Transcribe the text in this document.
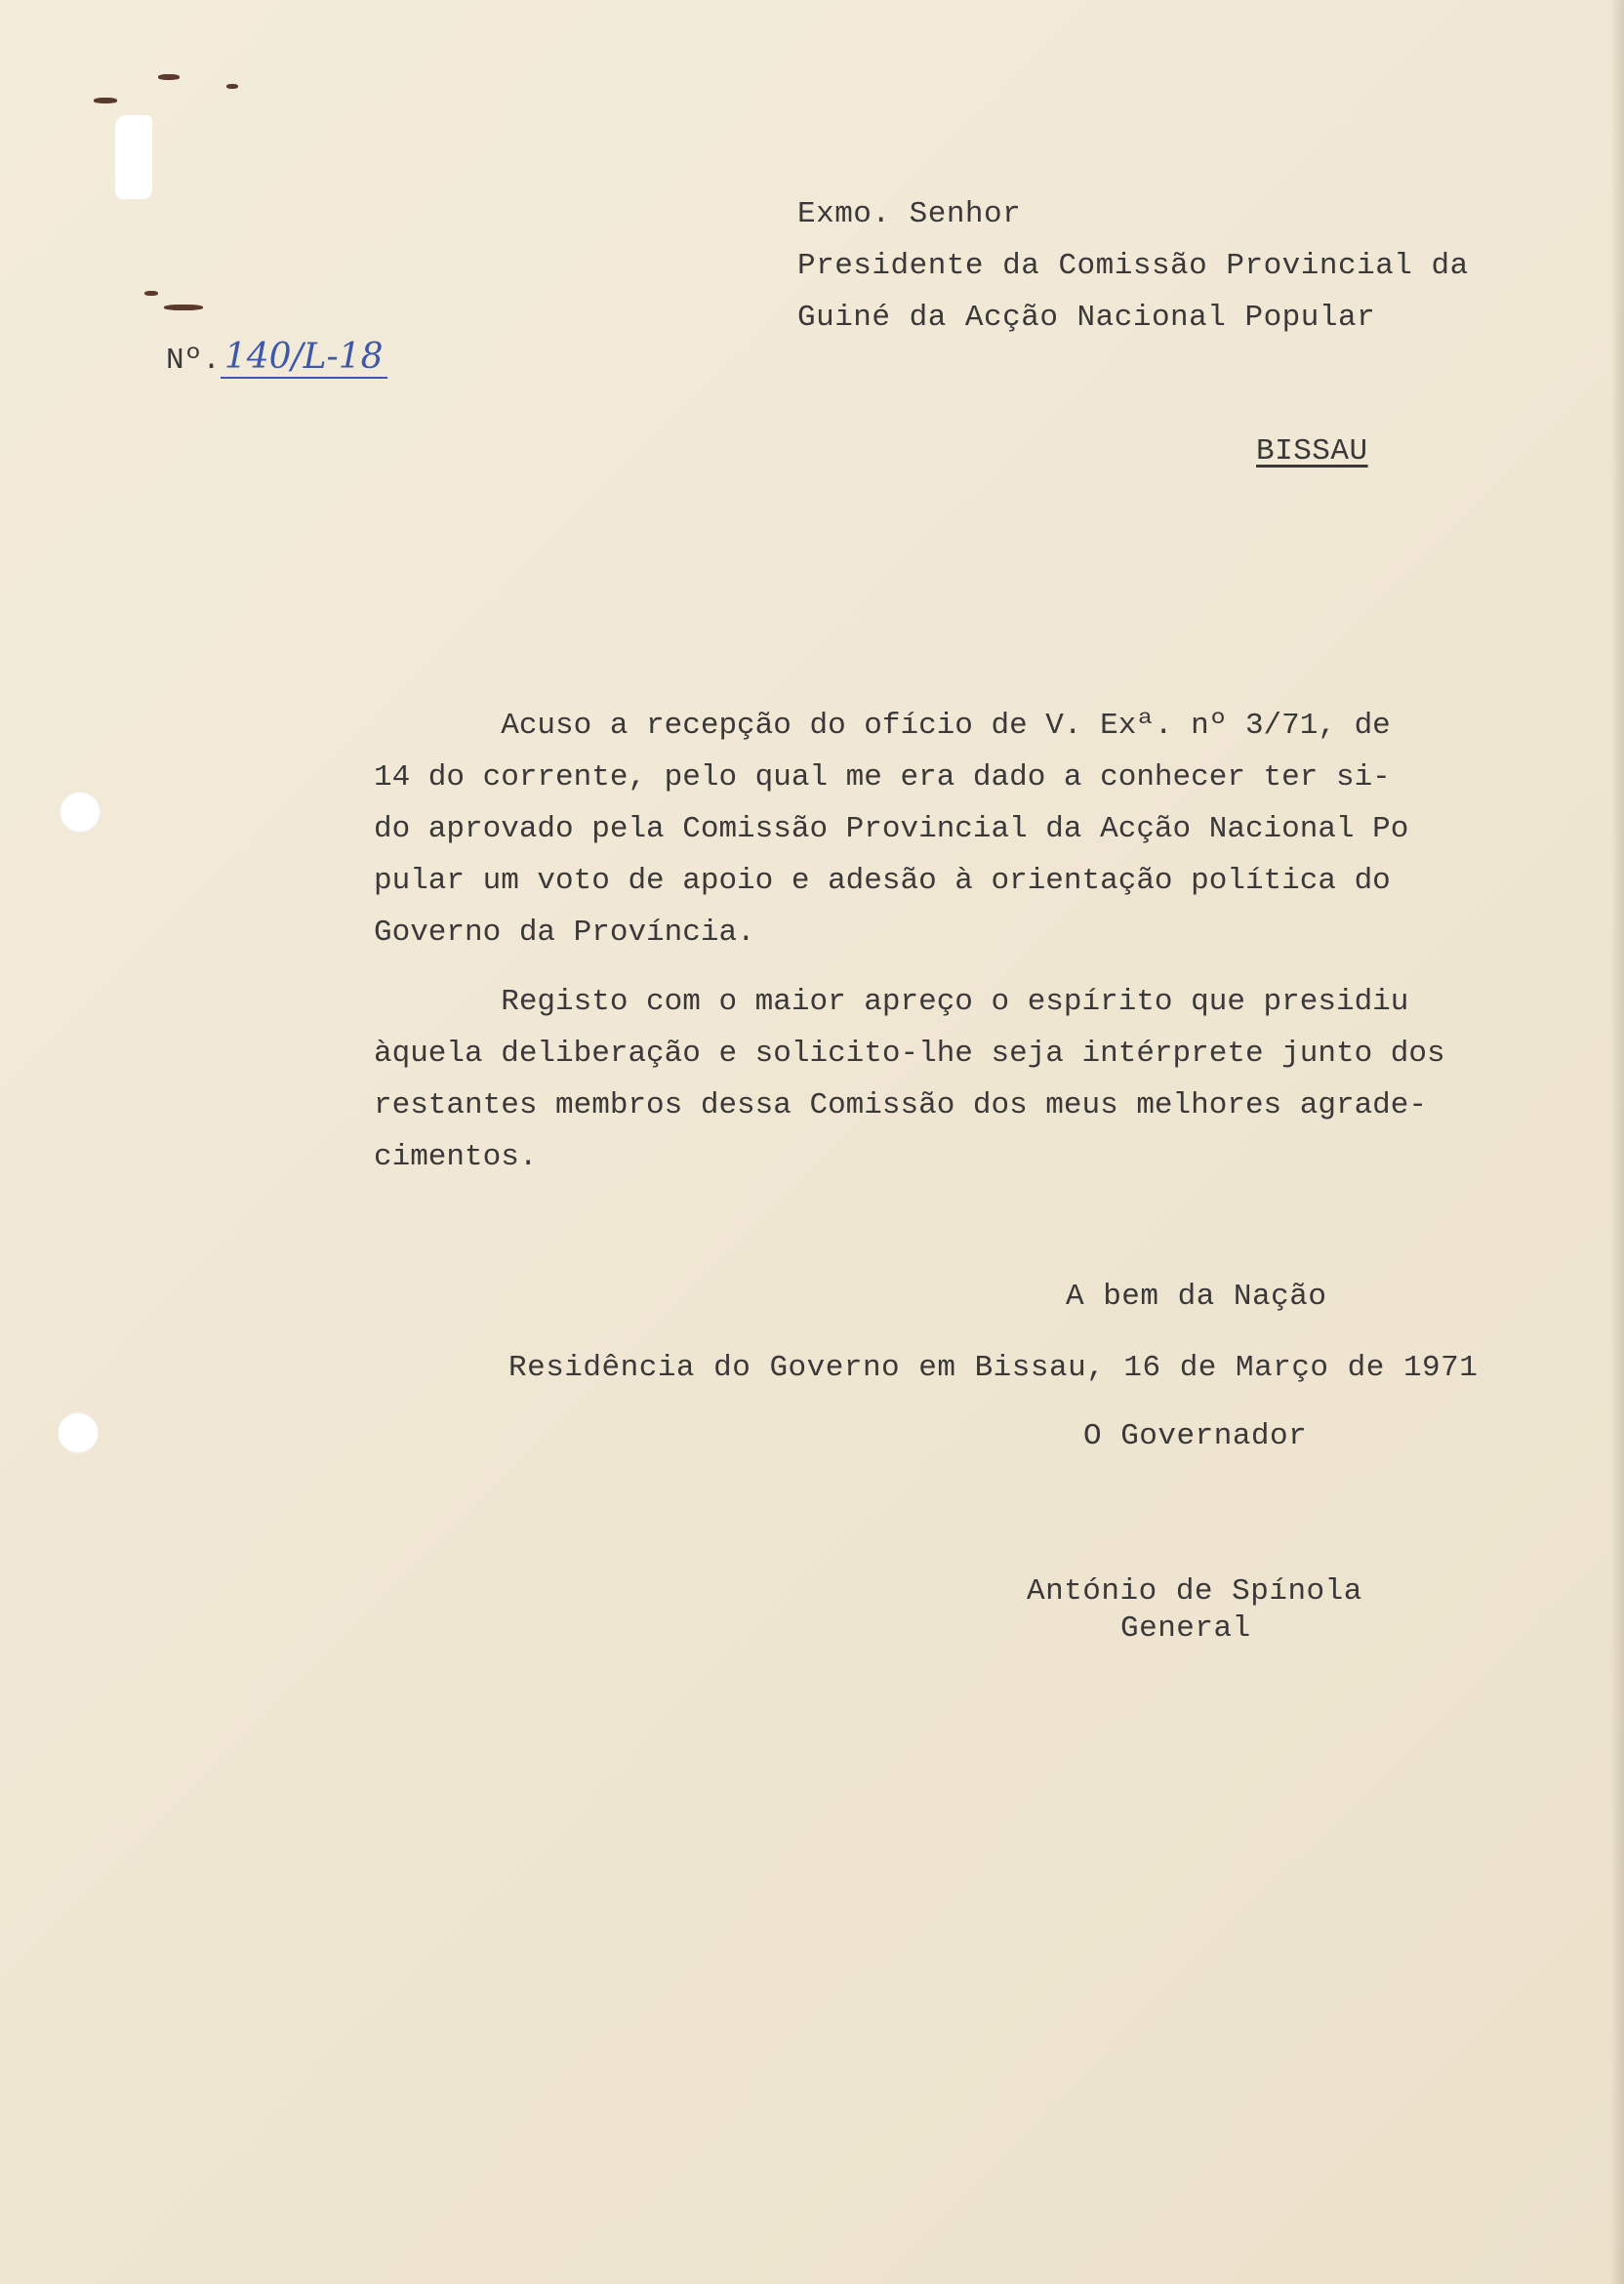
Exmo. Senhor
Presidente da Comissão Provincial da
Guiné da Acção Nacional Popular
Nº. 140/L-18
BISSAU
Acuso a recepção do ofício de V. Exª. nº 3/71, de
14 do corrente, pelo qual me era dado a conhecer ter si-
do aprovado pela Comissão Provincial da Acção Nacional Po
pular um voto de apoio e adesão à orientação política do
Governo da Província.
Registo com o maior apreço o espírito que presidiu
àquela deliberação e solicito-lhe seja intérprete junto dos
restantes membros dessa Comissão dos meus melhores agrade-
cimentos.
A bem da Nação
Residência do Governo em Bissau, 16 de Março de 1971
O Governador
António de Spínola
General
